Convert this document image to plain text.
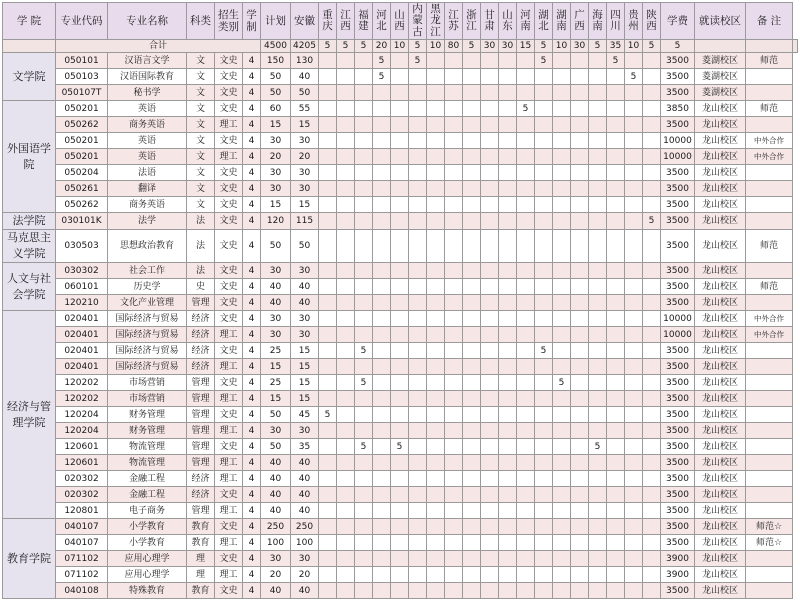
学 院	专业代码	专业名称	科类	招生类别	学制	计划	安徽	重庆	江西	福建	河北	山西	内蒙古	黑龙江	江苏	浙江	甘肃	山东	河南	湖北	湖南	广西	海南	四川	贵州	陕西	学费	就读校区	备 注	
	合计					4500	4205	5	5	5	20	10	5	10	80	5	30	30	15	5	10	30	5	35	10	5	5			
文学院	050101	汉语言文学	文	文史	4	150	130				5		5							5				5			3500	菱湖校区	师范	
	050103	汉语国际教育	文	文史	4	50	40				5														5		3500	菱湖校区		
	050107T	秘书学	文	文史	4	50	50																				3500	菱湖校区		
外国语学院	050201	英语	文	文史	4	60	55												5								3850	龙山校区	师范	
	050262	商务英语	文	理工	4	15	15																				3500	龙山校区		
	050201	英语	文	文史	4	30	30																				10000	龙山校区	中外合作	
	050201	英语	文	理工	4	20	20																				10000	龙山校区	中外合作	
	050204	法语	文	文史	4	30	30																				3500	龙山校区		
	050261	翻译	文	文史	4	30	30																				3500	龙山校区		
	050262	商务英语	文	文史	4	15	15																				3500	龙山校区		
法学院	030101K	法学	法	文史	4	120	115																			5	3500	龙山校区		
马克思主义学院	030503	思想政治教育	法	文史	4	50	50																				3500	龙山校区	师范	
人文与社会学院	030302	社会工作	法	文史	4	30	30																				3500	龙山校区		
	060101	历史学	史	文史	4	40	40																				3500	龙山校区	师范	
	120210	文化产业管理	管理	文史	4	40	40																				3500	龙山校区		
经济与管理学院	020401	国际经济与贸易	经济	文史	4	30	30																				10000	龙山校区	中外合作	
	020401	国际经济与贸易	经济	理工	4	30	30																				10000	龙山校区	中外合作	
	020401	国际经济与贸易	经济	文史	4	25	15			5										5							3500	龙山校区		
	020401	国际经济与贸易	经济	理工	4	15	15																				3500	龙山校区		
	120202	市场营销	管理	文史	4	25	15			5											5						3500	龙山校区		
	120202	市场营销	管理	理工	4	15	15																				3500	龙山校区		
	120204	财务管理	管理	文史	4	50	45	5																			3500	龙山校区		
	120204	财务管理	管理	理工	4	30	30																				3500	龙山校区		
	120601	物流管理	管理	文史	4	50	35			5		5											5				3500	龙山校区		
	120601	物流管理	管理	理工	4	40	40																				3500	龙山校区		
	020302	金融工程	经济	理工	4	40	40																				3500	龙山校区		
	020302	金融工程	经济	文史	4	40	40																				3500	龙山校区		
	120801	电子商务	管理	理工	4	40	40																				3500	龙山校区		
教育学院	040107	小学教育	教育	文史	4	250	250																				3500	龙山校区	师范☆	
	040107	小学教育	教育	理工	4	100	100																				3500	龙山校区	师范☆	
	071102	应用心理学	理	文史	4	30	30																				3900	龙山校区		
	071102	应用心理学	理	理工	4	20	20																				3900	龙山校区		
	040108	特殊教育	教育	文史	4	40	40																				3500	龙山校区		
